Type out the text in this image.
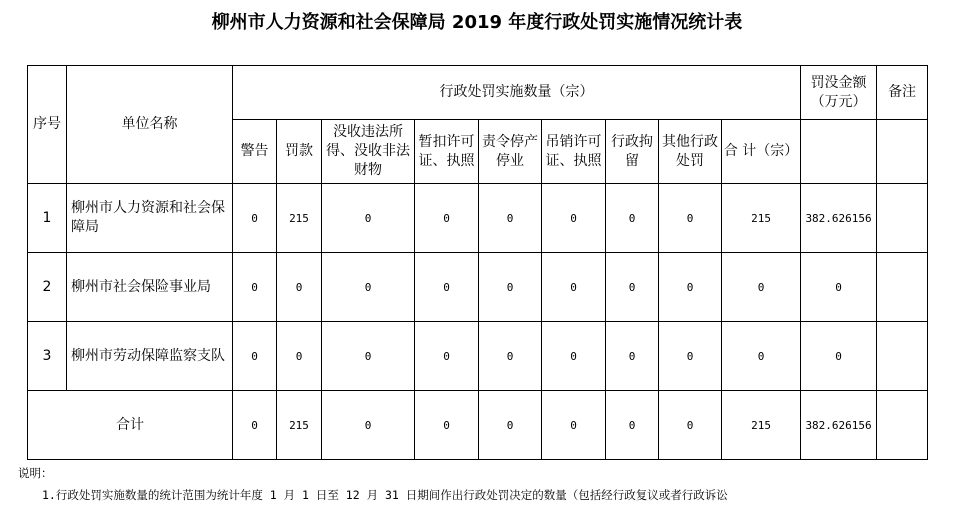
柳州市人力资源和社会保障局 2019 年度行政处罚实施情况统计表
序号	单位名称	行政处罚实施数量（宗）									罚没金额（万元）	备注
		警告	罚款	没收违法所得、没收非法财物	暂扣许可证、执照	责令停产停业	吊销许可证、执照	行政拘留	其他行政处罚	合 计（宗）		
1	柳州市人力资源和社会保障局	0	215	0	0	0	0	0	0	215	382.626156	
2	柳州市社会保险事业局	0	0	0	0	0	0	0	0	0	0	
3	柳州市劳动保障监察支队	0	0	0	0	0	0	0	0	0	0	
合计		0	215	0	0	0	0	0	0	215	382.626156	
说明：
1.行政处罚实施数量的统计范围为统计年度 1 月 1 日至 12 月 31 日期间作出行政处罚决定的数量（包括经行政复议或者行政诉讼
